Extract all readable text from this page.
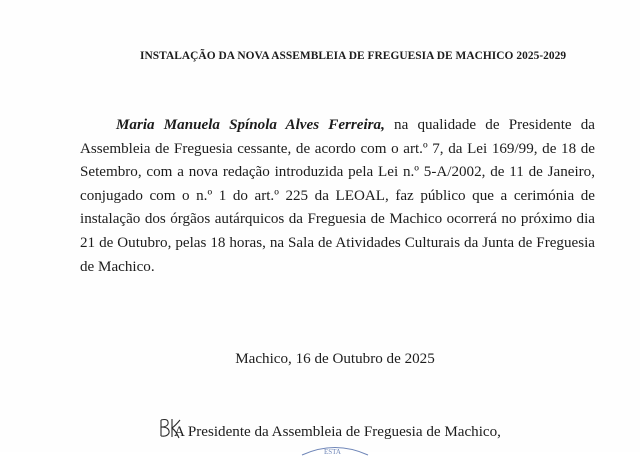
INSTALAÇÃO DA NOVA ASSEMBLEIA DE FREGUESIA DE MACHICO 2025-2029

Maria Manuela Spínola Alves Ferreira, na qualidade de Presidente da Assembleia de Freguesia cessante, de acordo com o art.º 7, da Lei 169/99, de 18 de Setembro, com a nova redação introduzida pela Lei n.º 5-A/2002, de 11 de Janeiro, conjugado com o n.º 1 do art.º 225 da LEOAL, faz público que a cerimónia de instalação dos órgãos autárquicos da Freguesia de Machico ocorrerá no próximo dia 21 de Outubro, pelas 18 horas, na Sala de Atividades Culturais da Junta de Freguesia de Machico.

Machico, 16 de Outubro de 2025
A Presidente da Assembleia de Freguesia de Machico,
ESTA
